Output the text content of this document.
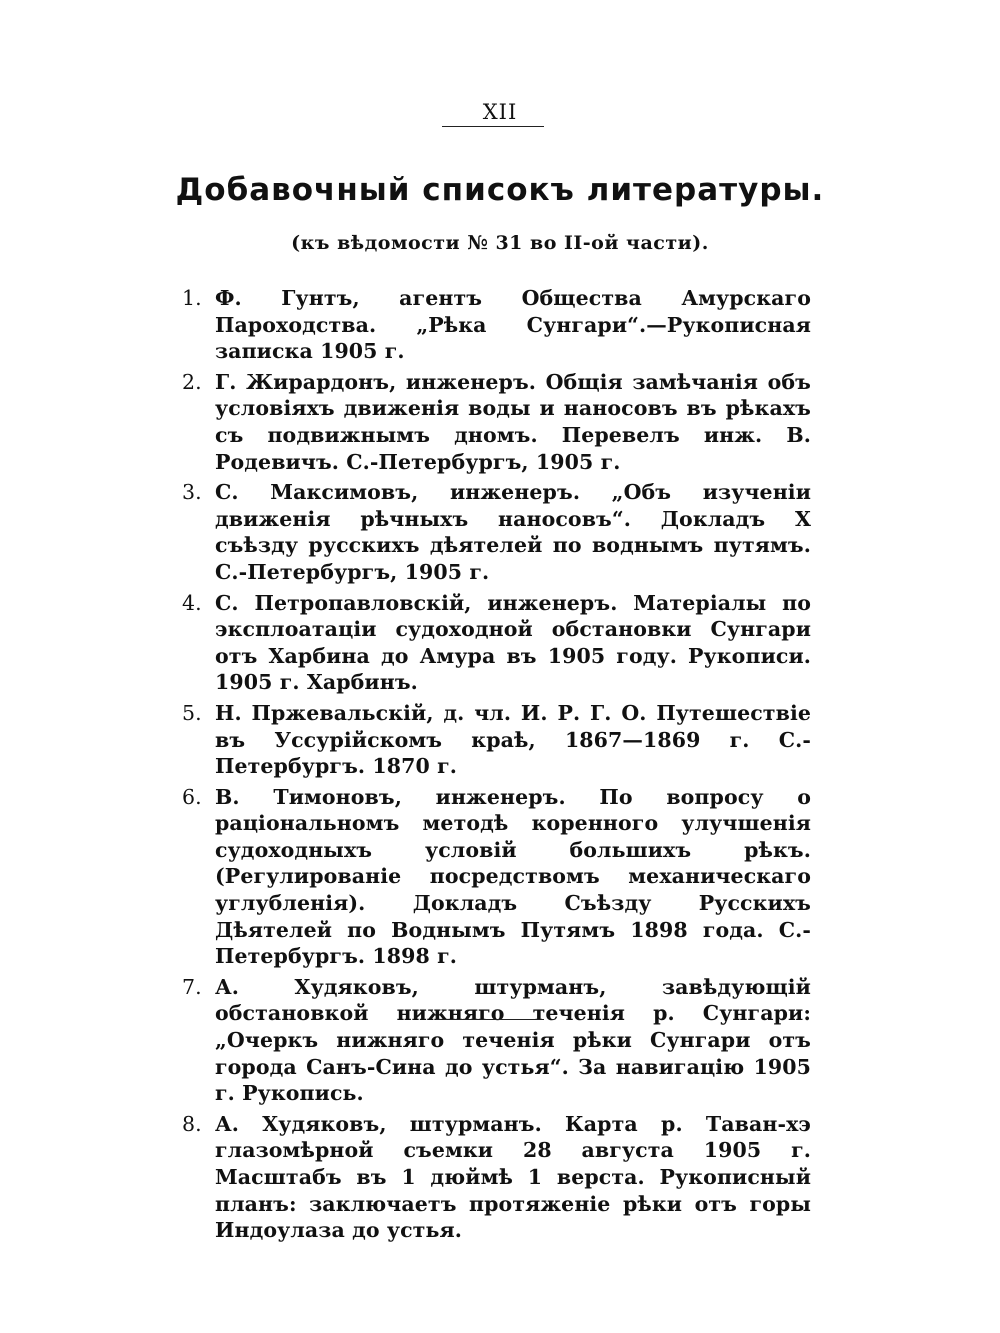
XII
Добавочный списокъ литературы.
(къ вѣдомости № 31 во II-ой части).
1. Ф. Гунтъ, агентъ Общества Амурскаго Пароходства. „Рѣка Сунгари“.—Рукописная записка 1905 г.
2. Г. Жирардонъ, инженеръ. Общія замѣчанія объ условіяхъ движенія воды и наносовъ въ рѣкахъ съ подвижнымъ дномъ. Перевелъ инж. В. Родевичъ. С.-Петербургъ, 1905 г.
3. С. Максимовъ, инженеръ. „Объ изученіи движенія рѣчныхъ наносовъ“. Докладъ X съѣзду русскихъ дѣятелей по воднымъ путямъ. С.-Петербургъ, 1905 г.
4. С. Петропавловскій, инженеръ. Матеріалы по эксплоатаціи судоходной обстановки Сунгари отъ Харбина до Амура въ 1905 году. Рукописи. 1905 г. Харбинъ.
5. Н. Пржевальскій, д. чл. И. Р. Г. О. Путешествіе въ Уссурійскомъ краѣ, 1867—1869 г. С.-Петербургъ. 1870 г.
6. В. Тимоновъ, инженеръ. По вопросу о раціональномъ методѣ коренного улучшенія судоходныхъ условій большихъ рѣкъ. (Регулированіе посредствомъ механическаго углубленія). Докладъ Съѣзду Русскихъ Дѣятелей по Воднымъ Путямъ 1898 года. С.-Петербургъ. 1898 г.
7. А. Худяковъ, штурманъ, завѣдующій обстановкой нижняго теченія р. Сунгари: „Очеркъ нижняго теченія рѣки Сунгари отъ города Санъ-Сина до устья“. За навигацію 1905 г. Рукопись.
8. А. Худяковъ, штурманъ. Карта р. Таван-хэ глазомѣрной съемки 28 августа 1905 г. Масштабъ въ 1 дюймѣ 1 верста. Рукописный планъ: заключаетъ протяженіе рѣки отъ горы Индоулаза до устья.
